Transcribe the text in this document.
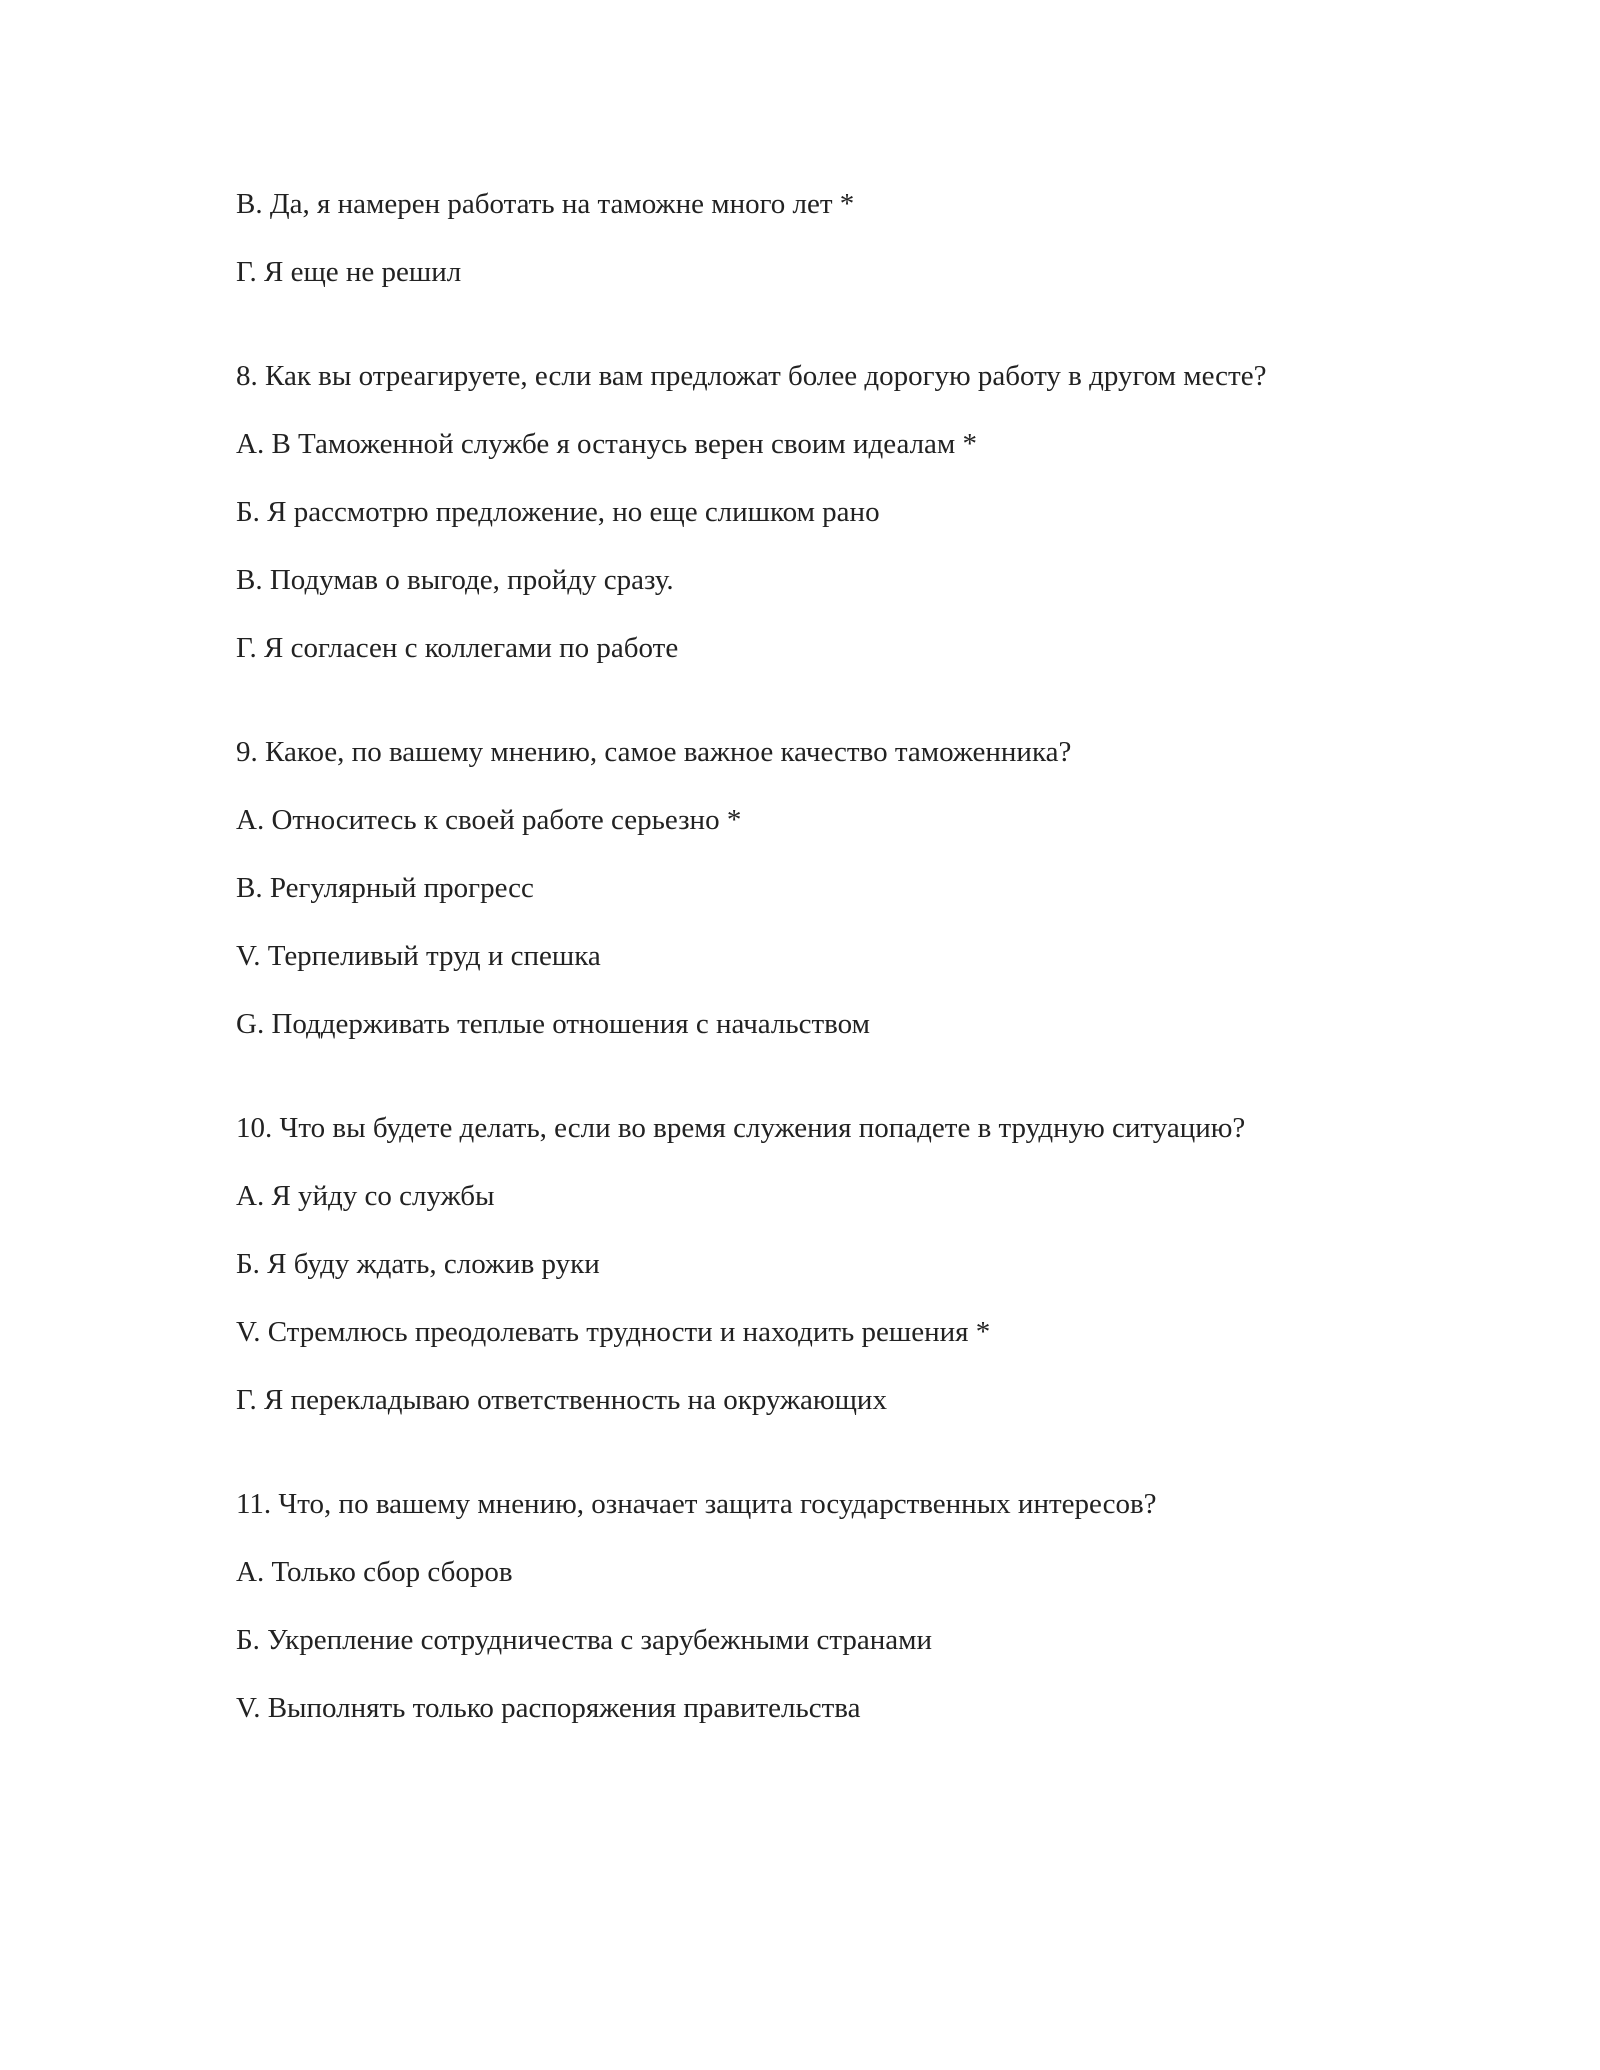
В. Да, я намерен работать на таможне много лет *
Г. Я еще не решил
8. Как вы отреагируете, если вам предложат более дорогую работу в другом месте?
А. В Таможенной службе я останусь верен своим идеалам *
Б. Я рассмотрю предложение, но еще слишком рано
В. Подумав о выгоде, пройду сразу.
Г. Я согласен с коллегами по работе
9. Какое, по вашему мнению, самое важное качество таможенника?
А. Относитесь к своей работе серьезно *
В. Регулярный прогресс
V. Терпеливый труд и спешка
G. Поддерживать теплые отношения с начальством
10. Что вы будете делать, если во время служения попадете в трудную ситуацию?
А. Я уйду со службы
Б. Я буду ждать, сложив руки
V. Стремлюсь преодолевать трудности и находить решения *
Г. Я перекладываю ответственность на окружающих
11. Что, по вашему мнению, означает защита государственных интересов?
А. Только сбор сборов
Б. Укрепление сотрудничества с зарубежными странами
V. Выполнять только распоряжения правительства
